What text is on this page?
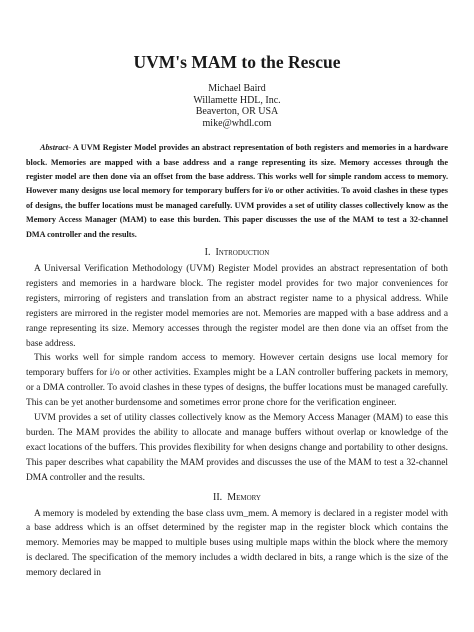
UVM's MAM to the Rescue
Michael Baird
Willamette HDL, Inc.
Beaverton, OR USA
mike@whdl.com

Abstract- A UVM Register Model provides an abstract representation of both registers and memories in a hardware block. Memories are mapped with a base address and a range representing its size. Memory accesses through the register model are then done via an offset from the base address. This works well for simple random access to memory. However many designs use local memory for temporary buffers for i/o or other activities. To avoid clashes in these types of designs, the buffer locations must be managed carefully. UVM provides a set of utility classes collectively know as the Memory Access Manager (MAM) to ease this burden. This paper discusses the use of the MAM to test a 32-channel DMA controller and the results.

I. Introduction

A Universal Verification Methodology (UVM) Register Model provides an abstract representation of both registers and memories in a hardware block. The register model provides for two major conveniences for registers, mirroring of registers and translation from an abstract register name to a physical address. While registers are mirrored in the register model memories are not. Memories are mapped with a base address and a range representing its size. Memory accesses through the register model are then done via an offset from the base address.

This works well for simple random access to memory. However certain designs use local memory for temporary buffers for i/o or other activities. Examples might be a LAN controller buffering packets in memory, or a DMA controller. To avoid clashes in these types of designs, the buffer locations must be managed carefully. This can be yet another burdensome and sometimes error prone chore for the verification engineer.

UVM provides a set of utility classes collectively know as the Memory Access Manager (MAM) to ease this burden. The MAM provides the ability to allocate and manage buffers without overlap or knowledge of the exact locations of the buffers. This provides flexibility for when designs change and portability to other designs. This paper describes what capability the MAM provides and discusses the use of the MAM to test a 32-channel DMA controller and the results.

II. Memory

A memory is modeled by extending the base class uvm_mem. A memory is declared in a register model with a base address which is an offset determined by the register map in the register block which contains the memory. Memories may be mapped to multiple buses using multiple maps within the block where the memory is declared. The specification of the memory includes a width declared in bits, a range which is the size of the memory declared in
